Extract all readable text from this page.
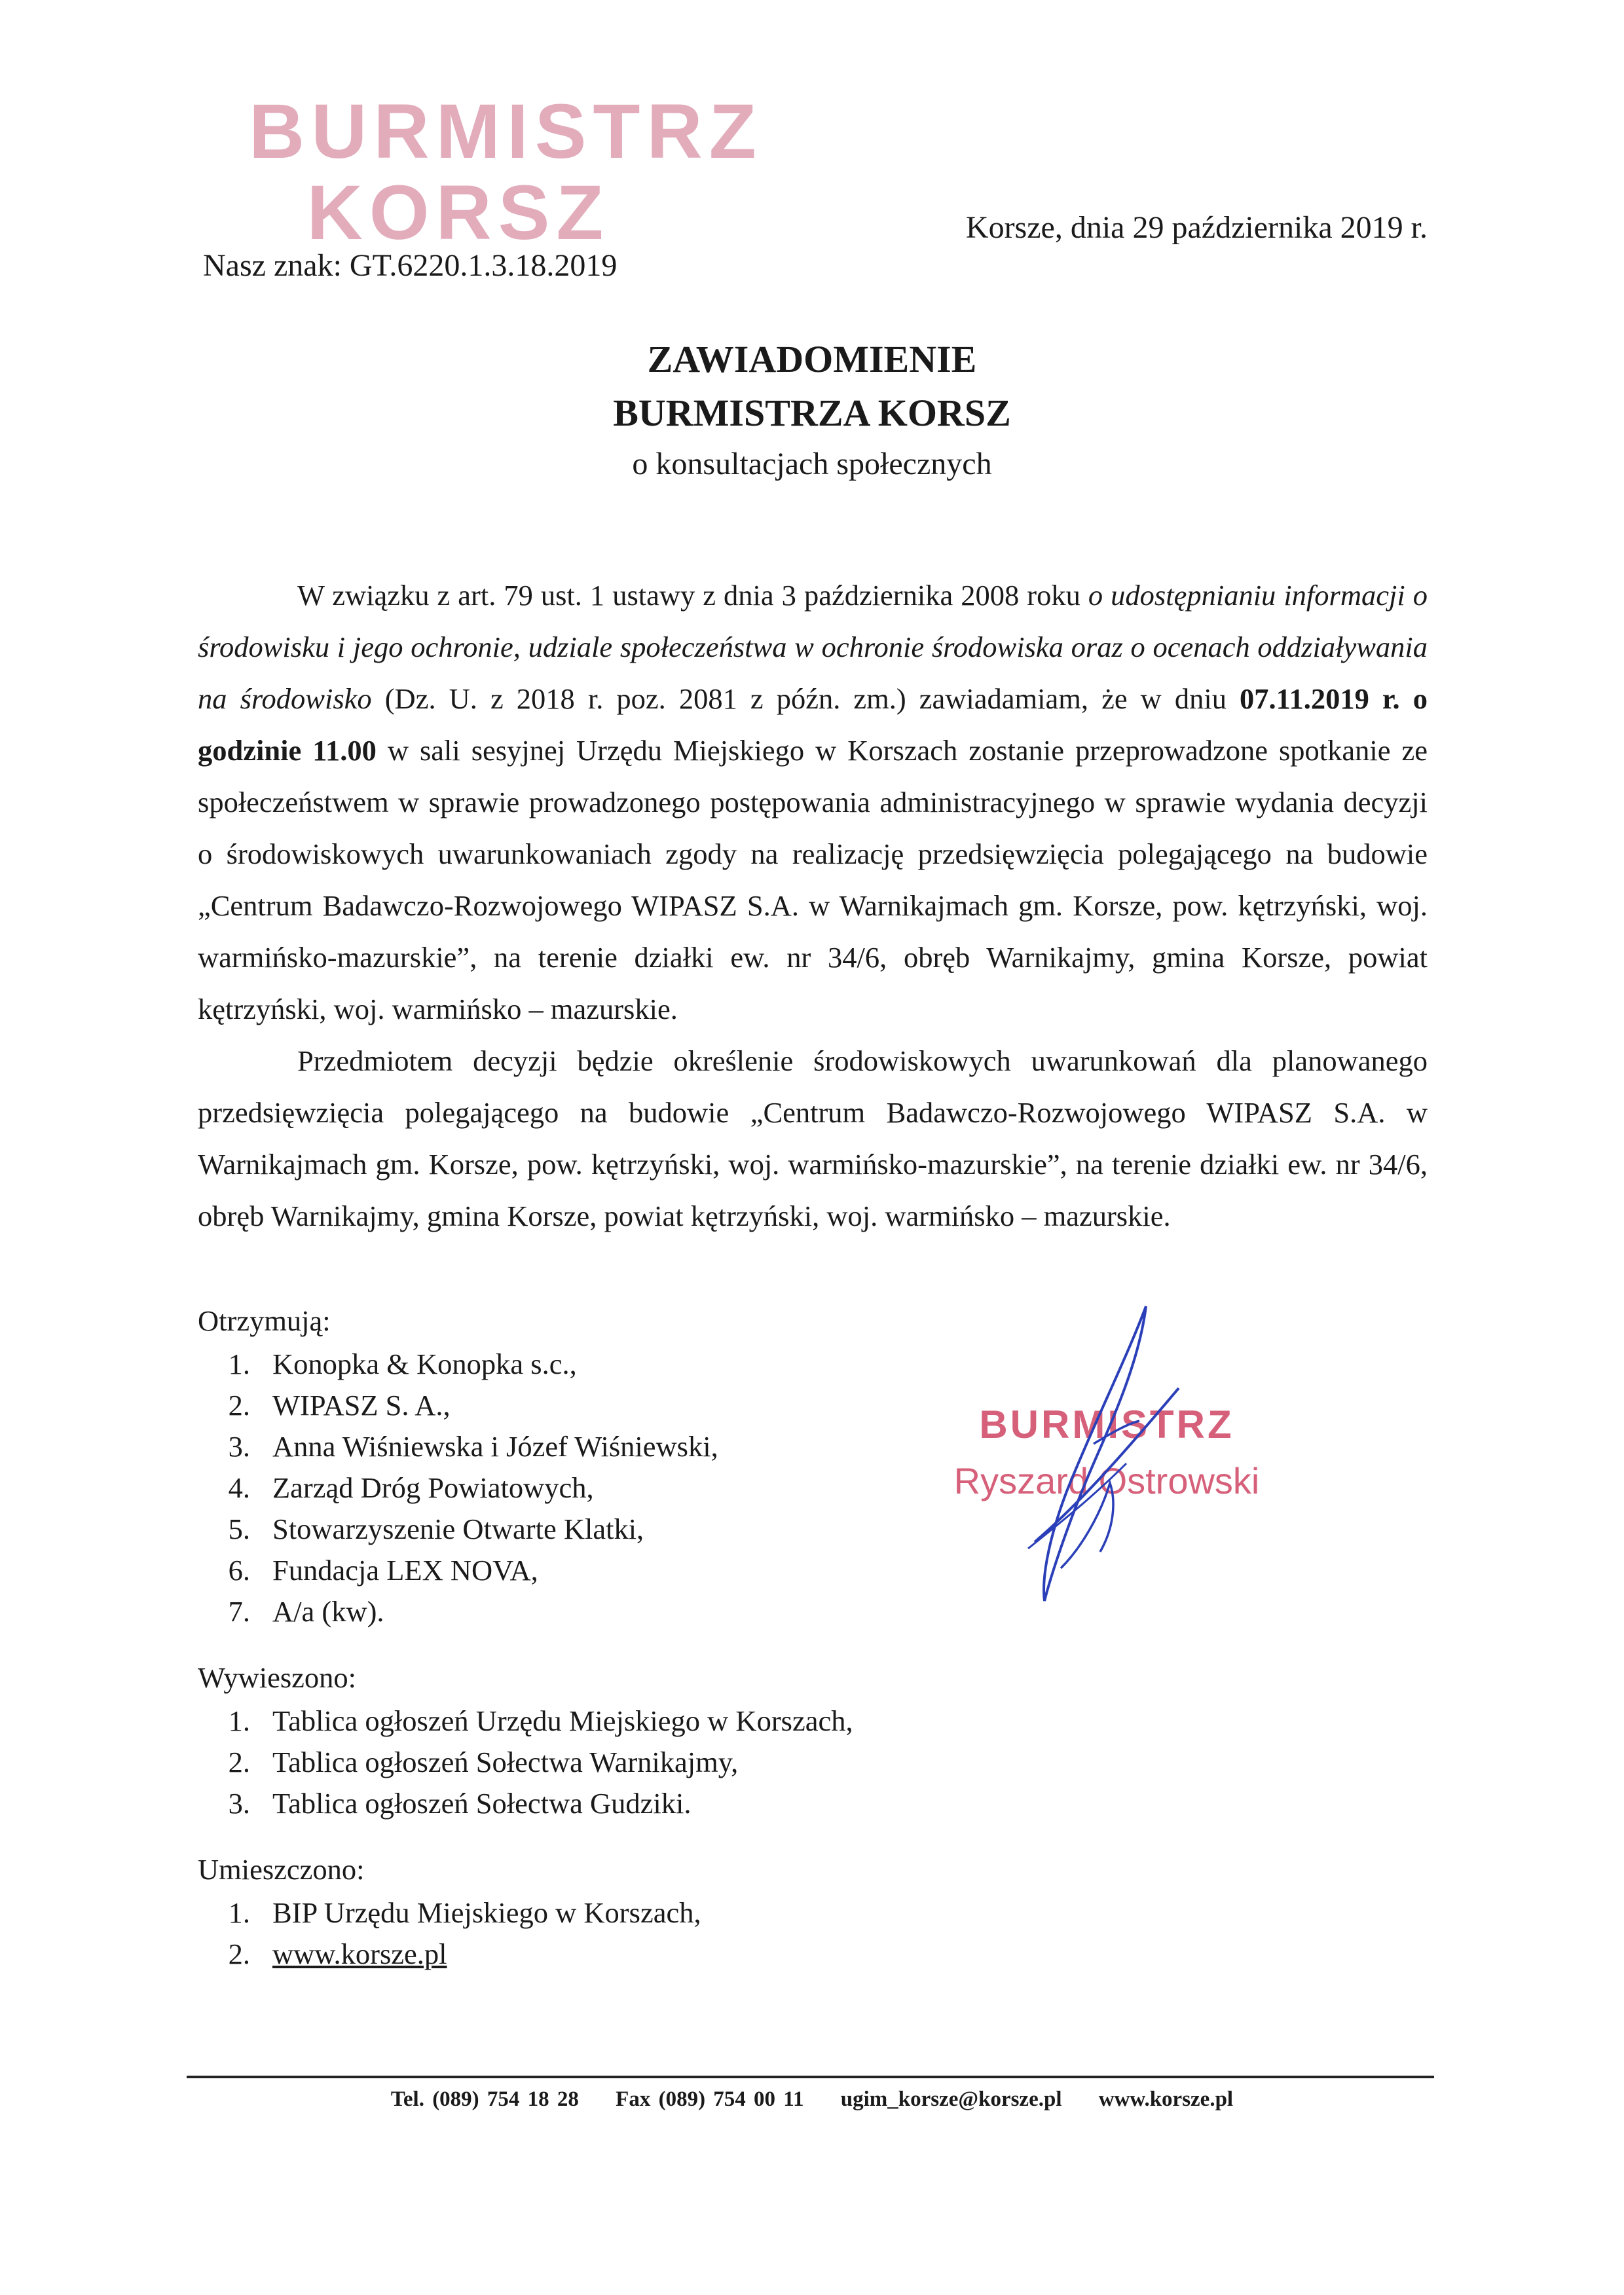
BURMISTRZ
KORSZ
Nasz znak: GT.6220.1.3.18.2019
Korsze, dnia 29 października 2019 r.
ZAWIADOMIENIE
BURMISTRZA KORSZ
o konsultacjach społecznych

W związku z art. 79 ust. 1 ustawy z dnia 3 października 2008 roku o udostępnianiu informacji o środowisku i jego ochronie, udziale społeczeństwa w ochronie środowiska oraz o ocenach oddziaływania na środowisko (Dz. U. z 2018 r. poz. 2081 z późn. zm.) zawiadamiam, że w dniu 07.11.2019 r. o godzinie 11.00 w sali sesyjnej Urzędu Miejskiego w Korszach zostanie przeprowadzone spotkanie ze społeczeństwem w sprawie prowadzonego postępowania administracyjnego w sprawie wydania decyzji o środowiskowych uwarunkowaniach zgody na realizację przedsięwzięcia polegającego na budowie „Centrum Badawczo-Rozwojowego WIPASZ S.A. w Warnikajmach gm. Korsze, pow. kętrzyński, woj. warmińsko-mazurskie”, na terenie działki ew. nr 34/6, obręb Warnikajmy, gmina Korsze, powiat kętrzyński, woj. warmińsko – mazurskie.

Przedmiotem decyzji będzie określenie środowiskowych uwarunkowań dla planowanego przedsięwzięcia polegającego na budowie „Centrum Badawczo-Rozwojowego WIPASZ S.A. w Warnikajmach gm. Korsze, pow. kętrzyński, woj. warmińsko-mazurskie”, na terenie działki ew. nr 34/6, obręb Warnikajmy, gmina Korsze, powiat kętrzyński, woj. warmińsko – mazurskie.

Otrzymują:
1. Konopka & Konopka s.c.,
2. WIPASZ S. A.,
3. Anna Wiśniewska i Józef Wiśniewski,
4. Zarząd Dróg Powiatowych,
5. Stowarzyszenie Otwarte Klatki,
6. Fundacja LEX NOVA,
7. A/a (kw).
Wywieszono:
1. Tablica ogłoszeń Urzędu Miejskiego w Korszach,
2. Tablica ogłoszeń Sołectwa Warnikajmy,
3. Tablica ogłoszeń Sołectwa Gudziki.
Umieszczono:
1. BIP Urzędu Miejskiego w Korszach,
2. www.korsze.pl
BURMISTRZ
Ryszard Ostrowski
Tel. (089) 754 18 28 Fax (089) 754 00 11 ugim_korsze@korsze.pl www.korsze.pl
